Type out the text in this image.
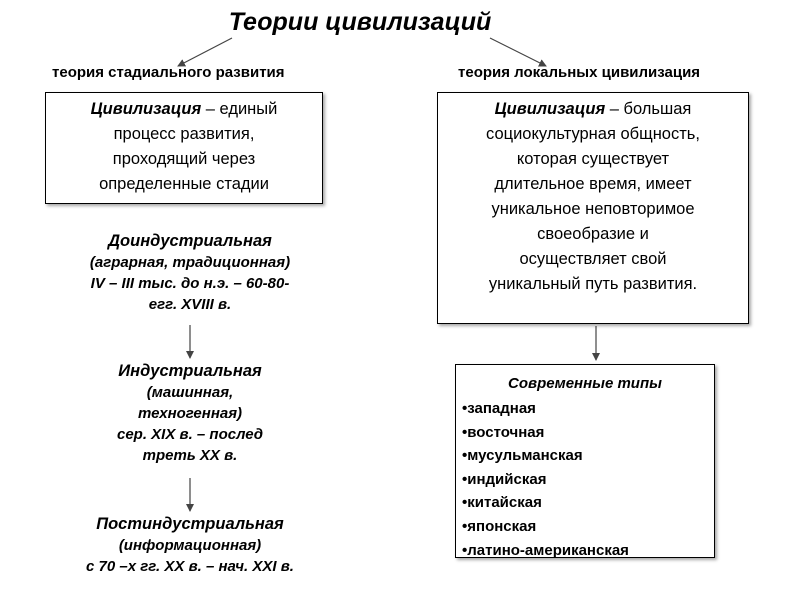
Теории цивилизаций
теория стадиального развития	теория локальных цивилизация
Цивилизация – единый
процесс развития,
проходящий через
определенные стадии
Цивилизация – большая
социокультурная общность,
которая существует
длительное время, имеет
уникальное неповторимое
своеобразие и
осуществляет свой
уникальный путь развития.
Доиндустриальная
(аграрная, традиционная)
IV – III тыс. до н.э. – 60-80-
егг. XVIII в.
Индустриальная
(машинная,
техногенная)
сер. XIX в. – послед
треть XX в.
Постиндустриальная
(информационная)
с 70 –х гг. XX в. – нач. XXI в.
Современные типы
•западная
•восточная
•мусульманская
•индийская
•китайская
•японская
•латино-американская
